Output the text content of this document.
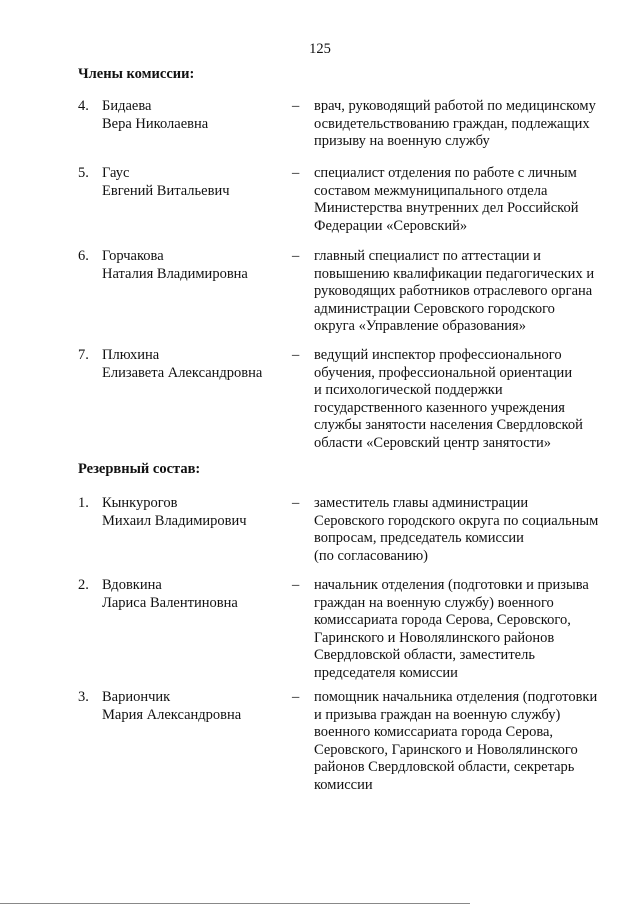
125
Члены комиссии:
4. Бидаева
Вера Николаевна
– врач, руководящий работой по медицинскому
освидетельствованию граждан, подлежащих
призыву на военную службу
5. Гаус
Евгений Витальевич
– специалист отделения по работе с личным
составом межмуниципального отдела
Министерства внутренних дел Российской
Федерации «Серовский»
6. Горчакова
Наталия Владимировна
– главный специалист по аттестации и
повышению квалификации педагогических и
руководящих работников отраслевого органа
администрации Серовского городского
округа «Управление образования»
7. Плюхина
Елизавета Александровна
– ведущий инспектор профессионального
обучения, профессиональной ориентации
и психологической поддержки
государственного казенного учреждения
службы занятости населения Свердловской
области «Серовский центр занятости»
Резервный состав:
1. Кынкурогов
Михаил Владимирович
– заместитель главы администрации
Серовского городского округа по социальным
вопросам, председатель комиссии
(по согласованию)
2. Вдовкина
Лариса Валентиновна
– начальник отделения (подготовки и призыва
граждан на военную службу) военного
комиссариата города Серова, Серовского,
Гаринского и Новолялинского районов
Свердловской области, заместитель
председателя комиссии
3. Вариончик
Мария Александровна
– помощник начальника отделения (подготовки
и призыва граждан на военную службу)
военного комиссариата города Серова,
Серовского, Гаринского и Новолялинского
районов Свердловской области, секретарь
комиссии
